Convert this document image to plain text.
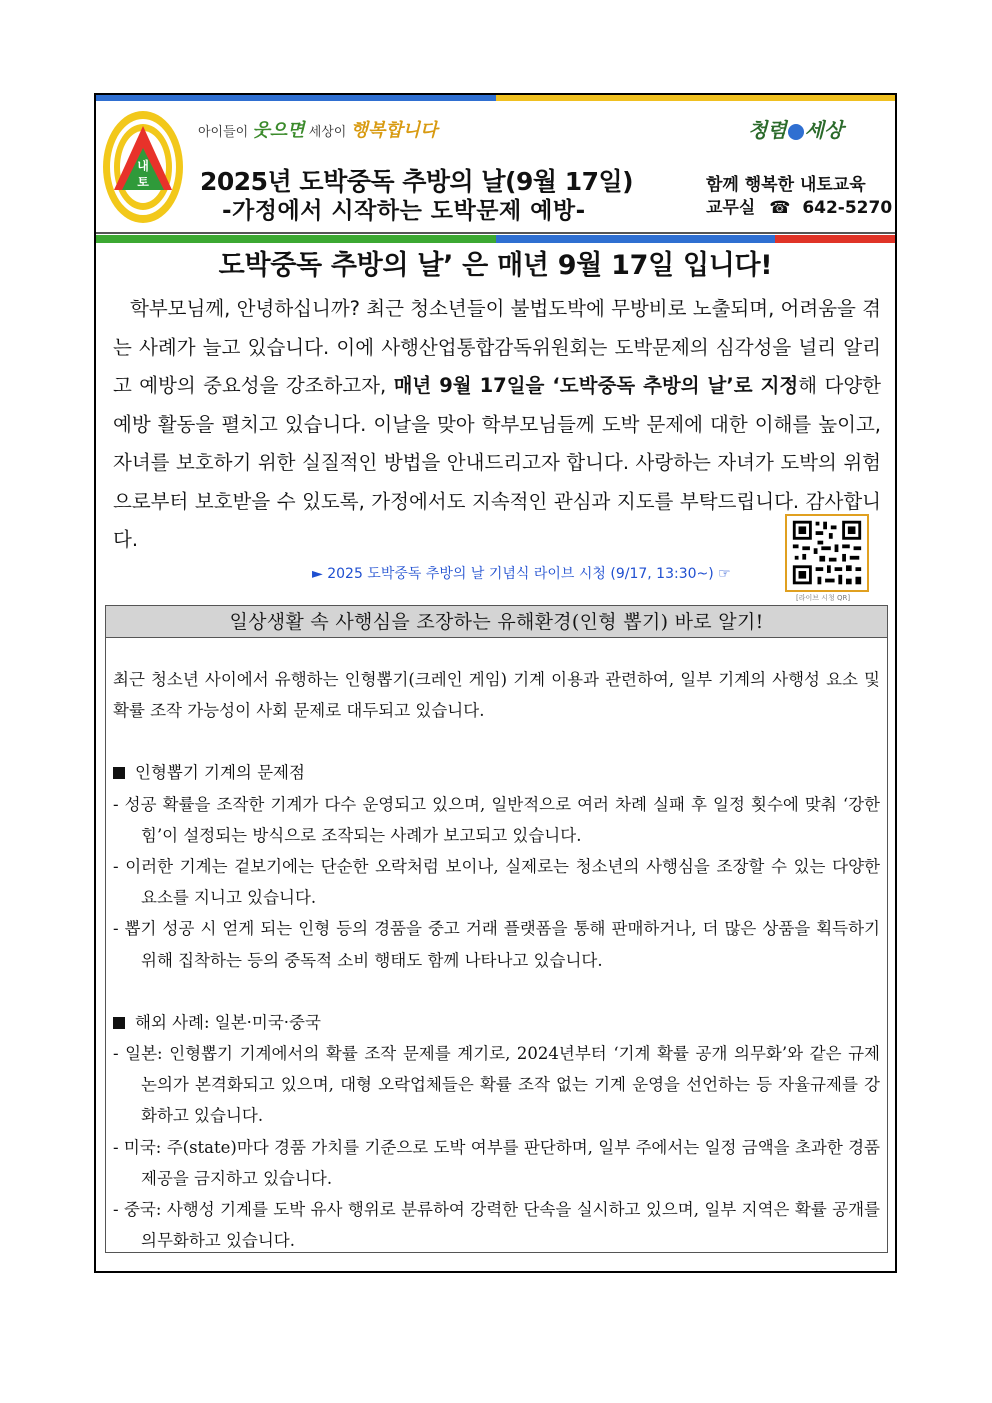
내
토
아이들이 웃으면 세상이 행복합니다	청렴 세상
2025년 도박중독 추방의 날(9월 17일)
-가정에서 시작하는 도박문제 예방-
함께 행복한 내토교육
교무실 ☎ 642-5270
도박중독 추방의 날’ 은 매년 9월 17일 입니다!

학부모님께, 안녕하십니까? 최근 청소년들이 불법도박에 무방비로 노출되며, 어려움을 겪는 사례가 늘고 있습니다. 이에 사행산업통합감독위원회는 도박문제의 심각성을 널리 알리고 예방의 중요성을 강조하고자, 매년 9월 17일을 ‘도박중독 추방의 날’로 지정해 다양한 예방 활동을 펼치고 있습니다. 이날을 맞아 학부모님들께 도박 문제에 대한 이해를 높이고, 자녀를 보호하기 위한 실질적인 방법을 안내드리고자 합니다. 사랑하는 자녀가 도박의 위험으로부터 보호받을 수 있도록, 가정에서도 지속적인 관심과 지도를 부탁드립니다. 감사합니다.

► 2025 도박중독 추방의 날 기념식 라이브 시청 (9/17, 13:30~) ☞
[라이브 시청 QR]
일상생활 속 사행심을 조장하는 유해환경(인형 뽑기) 바로 알기!

최근 청소년 사이에서 유행하는 인형뽑기(크레인 게임) 기계 이용과 관련하여, 일부 기계의 사행성 요소 및 확률 조작 가능성이 사회 문제로 대두되고 있습니다.

인형뽑기 기계의 문제점

- 성공 확률을 조작한 기계가 다수 운영되고 있으며, 일반적으로 여러 차례 실패 후 일정 횟수에 맞춰 ‘강한 힘’이 설정되는 방식으로 조작되는 사례가 보고되고 있습니다.

- 이러한 기계는 겉보기에는 단순한 오락처럼 보이나, 실제로는 청소년의 사행심을 조장할 수 있는 다양한 요소를 지니고 있습니다.

- 뽑기 성공 시 얻게 되는 인형 등의 경품을 중고 거래 플랫폼을 통해 판매하거나, 더 많은 상품을 획득하기 위해 집착하는 등의 중독적 소비 행태도 함께 나타나고 있습니다.

해외 사례: 일본·미국·중국

- 일본: 인형뽑기 기계에서의 확률 조작 문제를 계기로, 2024년부터 ‘기계 확률 공개 의무화’와 같은 규제 논의가 본격화되고 있으며, 대형 오락업체들은 확률 조작 없는 기계 운영을 선언하는 등 자율규제를 강화하고 있습니다.

- 미국: 주(state)마다 경품 가치를 기준으로 도박 여부를 판단하며, 일부 주에서는 일정 금액을 초과한 경품 제공을 금지하고 있습니다.

- 중국: 사행성 기계를 도박 유사 행위로 분류하여 강력한 단속을 실시하고 있으며, 일부 지역은 확률 공개를 의무화하고 있습니다.
